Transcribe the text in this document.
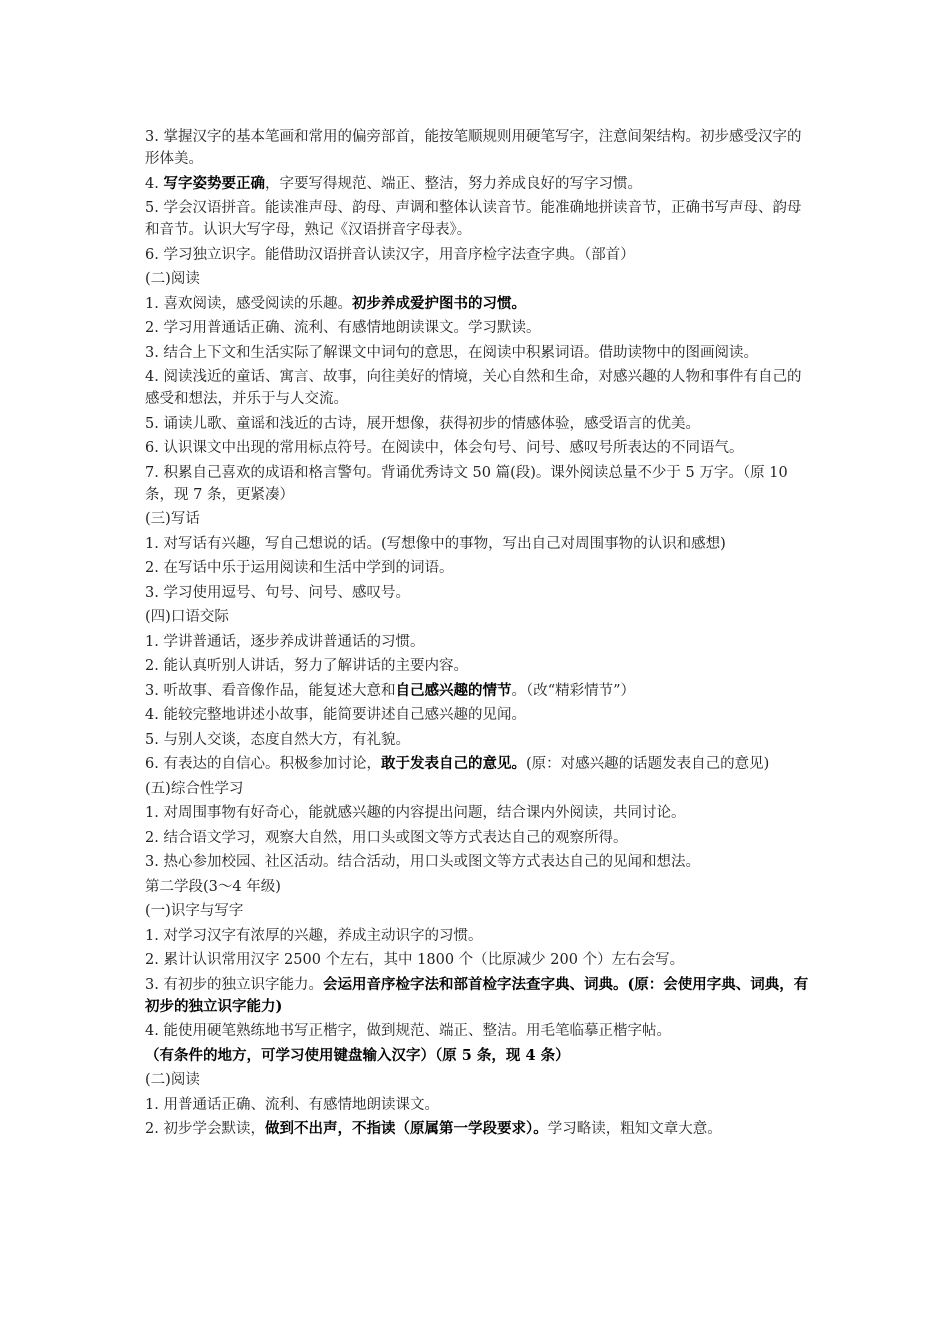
3. 掌握汉字的基本笔画和常用的偏旁部首，能按笔顺规则用硬笔写字，注意间架结构。初步感受汉字的形体美。
4. 写字姿势要正确，字要写得规范、端正、整洁，努力养成良好的写字习惯。
5. 学会汉语拼音。能读准声母、韵母、声调和整体认读音节。能准确地拼读音节，正确书写声母、韵母和音节。认识大写字母，熟记《汉语拼音字母表》。
6. 学习独立识字。能借助汉语拼音认读汉字，用音序检字法查字典。（部首）
(二)阅读
1. 喜欢阅读，感受阅读的乐趣。初步养成爱护图书的习惯。
2. 学习用普通话正确、流利、有感情地朗读课文。学习默读。
3. 结合上下文和生活实际了解课文中词句的意思，在阅读中积累词语。借助读物中的图画阅读。
4. 阅读浅近的童话、寓言、故事，向往美好的情境，关心自然和生命，对感兴趣的人物和事件有自己的感受和想法，并乐于与人交流。
5. 诵读儿歌、童谣和浅近的古诗，展开想像，获得初步的情感体验，感受语言的优美。
6. 认识课文中出现的常用标点符号。在阅读中，体会句号、问号、感叹号所表达的不同语气。
7. 积累自己喜欢的成语和格言警句。背诵优秀诗文 50 篇(段)。课外阅读总量不少于 5 万字。（原 10 条，现 7 条，更紧凑）
(三)写话
1. 对写话有兴趣，写自己想说的话。(写想像中的事物，写出自己对周围事物的认识和感想)
2. 在写话中乐于运用阅读和生活中学到的词语。
3. 学习使用逗号、句号、问号、感叹号。
(四)口语交际
1. 学讲普通话，逐步养成讲普通话的习惯。
2. 能认真听别人讲话，努力了解讲话的主要内容。
3. 听故事、看音像作品，能复述大意和自己感兴趣的情节。（改“精彩情节”）
4. 能较完整地讲述小故事，能简要讲述自己感兴趣的见闻。
5. 与别人交谈，态度自然大方，有礼貌。
6. 有表达的自信心。积极参加讨论，敢于发表自己的意见。(原：对感兴趣的话题发表自己的意见)
(五)综合性学习
1. 对周围事物有好奇心，能就感兴趣的内容提出问题，结合课内外阅读，共同讨论。
2. 结合语文学习，观察大自然，用口头或图文等方式表达自己的观察所得。
3. 热心参加校园、社区活动。结合活动，用口头或图文等方式表达自己的见闻和想法。
第二学段(3～4 年级)
(一)识字与写字
1. 对学习汉字有浓厚的兴趣，养成主动识字的习惯。
2. 累计认识常用汉字 2500 个左右，其中 1800 个（比原减少 200 个）左右会写。
3. 有初步的独立识字能力。会运用音序检字法和部首检字法查字典、词典。(原：会使用字典、词典，有初步的独立识字能力)
4. 能使用硬笔熟练地书写正楷字，做到规范、端正、整洁。用毛笔临摹正楷字帖。
（有条件的地方，可学习使用键盘输入汉字）（原 5 条，现 4 条）
(二)阅读
1. 用普通话正确、流利、有感情地朗读课文。
2. 初步学会默读，做到不出声，不指读（原属第一学段要求）。学习略读，粗知文章大意。
